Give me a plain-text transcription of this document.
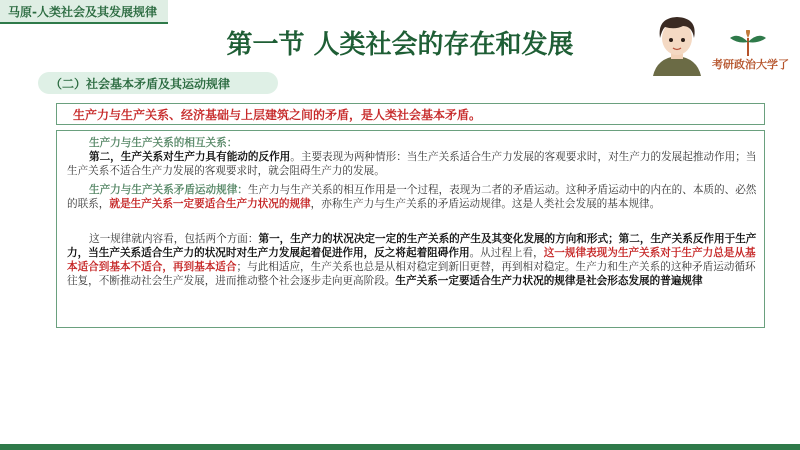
马原-人类社会及其发展规律
第一节 人类社会的存在和发展
（二）社会基本矛盾及其运动规律
考研政治大学了
生产力与生产关系、经济基础与上层建筑之间的矛盾，是人类社会基本矛盾。

生产力与生产关系的相互关系：

第二，生产关系对生产力具有能动的反作用。主要表现为两种情形：当生产关系适合生产力发展的客观要求时，对生产力的发展起推动作用；当生产关系不适合生产力发展的客观要求时，就会阻碍生产力的发展。

生产力与生产关系矛盾运动规律：生产力与生产关系的相互作用是一个过程，表现为二者的矛盾运动。这种矛盾运动中的内在的、本质的、必然的联系，就是生产关系一定要适合生产力状况的规律，亦称生产力与生产关系的矛盾运动规律。这是人类社会发展的基本规律。

这一规律就内容看，包括两个方面：第一，生产力的状况决定一定的生产关系的产生及其变化发展的方向和形式；第二，生产关系反作用于生产力，当生产关系适合生产力的状况时对生产力发展起着促进作用，反之将起着阻碍作用。从过程上看，这一规律表现为生产关系对于生产力总是从基本适合到基本不适合，再到基本适合；与此相适应，生产关系也总是从相对稳定到新旧更替，再到相对稳定。生产力和生产关系的这种矛盾运动循环往复，不断推动社会生产发展，进而推动整个社会逐步走向更高阶段。生产关系一定要适合生产力状况的规律是社会形态发展的普遍规律
